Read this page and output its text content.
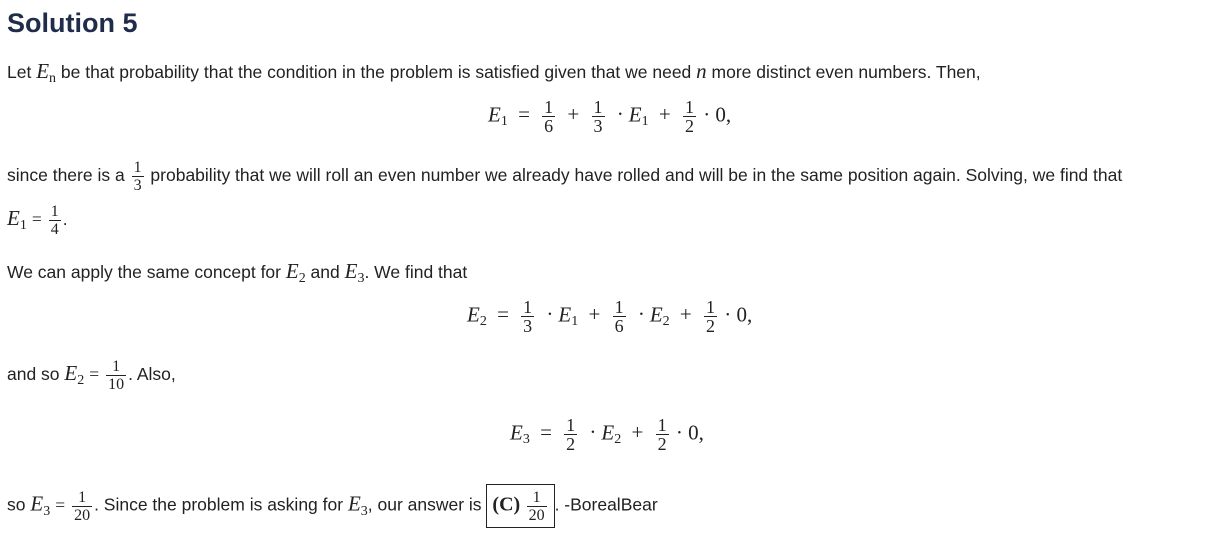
Solution 5
Let $E_n$ be that probability that the condition in the problem is satisfied given that we need n more distinct even numbers. Then,
$E1 = \frac{1}{6} + \frac{1}{3} \cdot E1 + \frac{1}{2} \cdot 0$,
since there is a $\frac{1}{3}$ probability that we will roll an even number we already have rolled and will be in the same position again. Solving, we find that
$E_1 = \frac{1}{4}$ .
We can apply the same concept for $E_2$ and $E_3$. We find that
$E2 = \frac{1}{3} \cdot E1 + \frac{1}{6} \cdot E2 + \frac{1}{2} \cdot 0$,
and so $E_2 = \frac{1}{10}$ . Also,
$E3 = \frac{1}{2} \cdot E2 + \frac{1}{2} \cdot 0$,
so $E_3 = \frac{1}{20}$ . Since the problem is asking for $E_3$, our answer is $(C) \frac{1}{20}$ . -BorealBear
